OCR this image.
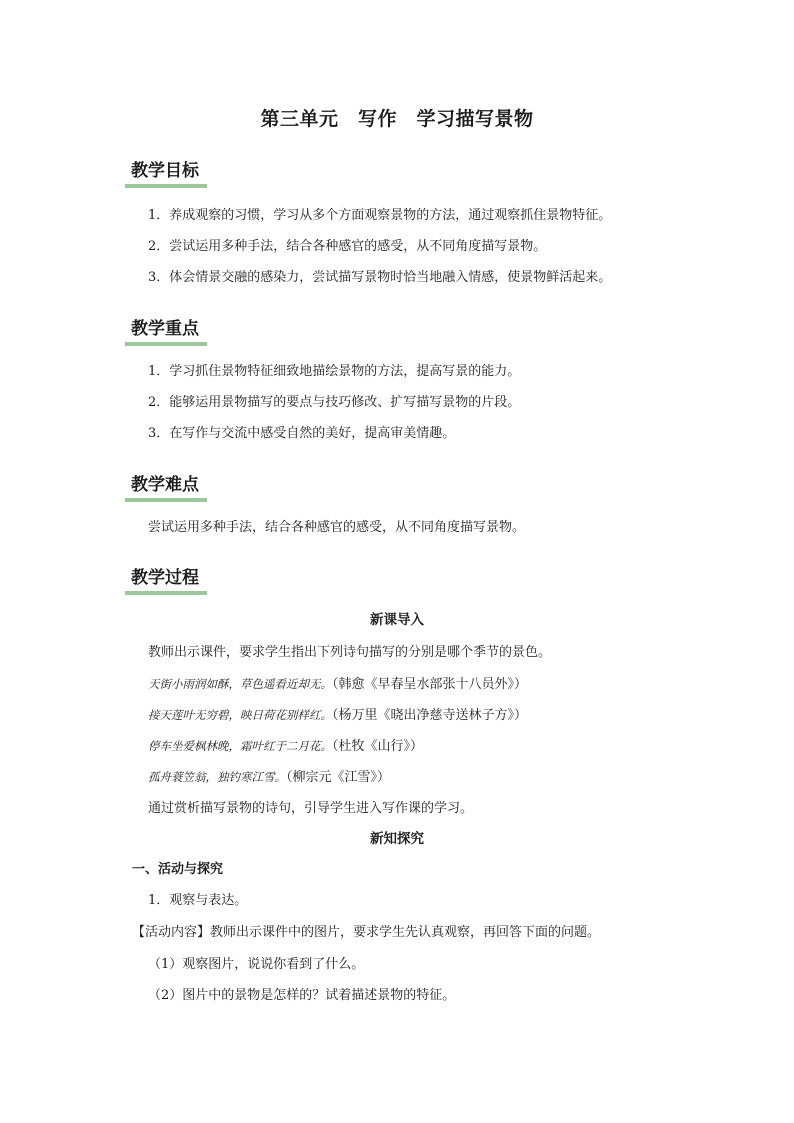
第三单元　写作　学习描写景物
教学目标
1．养成观察的习惯，学习从多个方面观察景物的方法，通过观察抓住景物特征。
2．尝试运用多种手法，结合各种感官的感受，从不同角度描写景物。
3．体会情景交融的感染力，尝试描写景物时恰当地融入情感，使景物鲜活起来。
教学重点
1．学习抓住景物特征细致地描绘景物的方法，提高写景的能力。
2．能够运用景物描写的要点与技巧修改、扩写描写景物的片段。
3．在写作与交流中感受自然的美好，提高审美情趣。
教学难点
尝试运用多种手法，结合各种感官的感受，从不同角度描写景物。
教学过程
新课导入
教师出示课件，要求学生指出下列诗句描写的分别是哪个季节的景色。
天街小雨润如酥，草色遥看近却无。（韩愈《早春呈水部张十八员外》）
接天莲叶无穷碧，映日荷花别样红。（杨万里《晓出净慈寺送林子方》）
停车坐爱枫林晚，霜叶红于二月花。（杜牧《山行》）
孤舟蓑笠翁，独钓寒江雪。（柳宗元《江雪》）
通过赏析描写景物的诗句，引导学生进入写作课的学习。
新知探究
一、活动与探究
1．观察与表达。
【活动内容】教师出示课件中的图片，要求学生先认真观察，再回答下面的问题。
（1）观察图片，说说你看到了什么。
（2）图片中的景物是怎样的？试着描述景物的特征。
